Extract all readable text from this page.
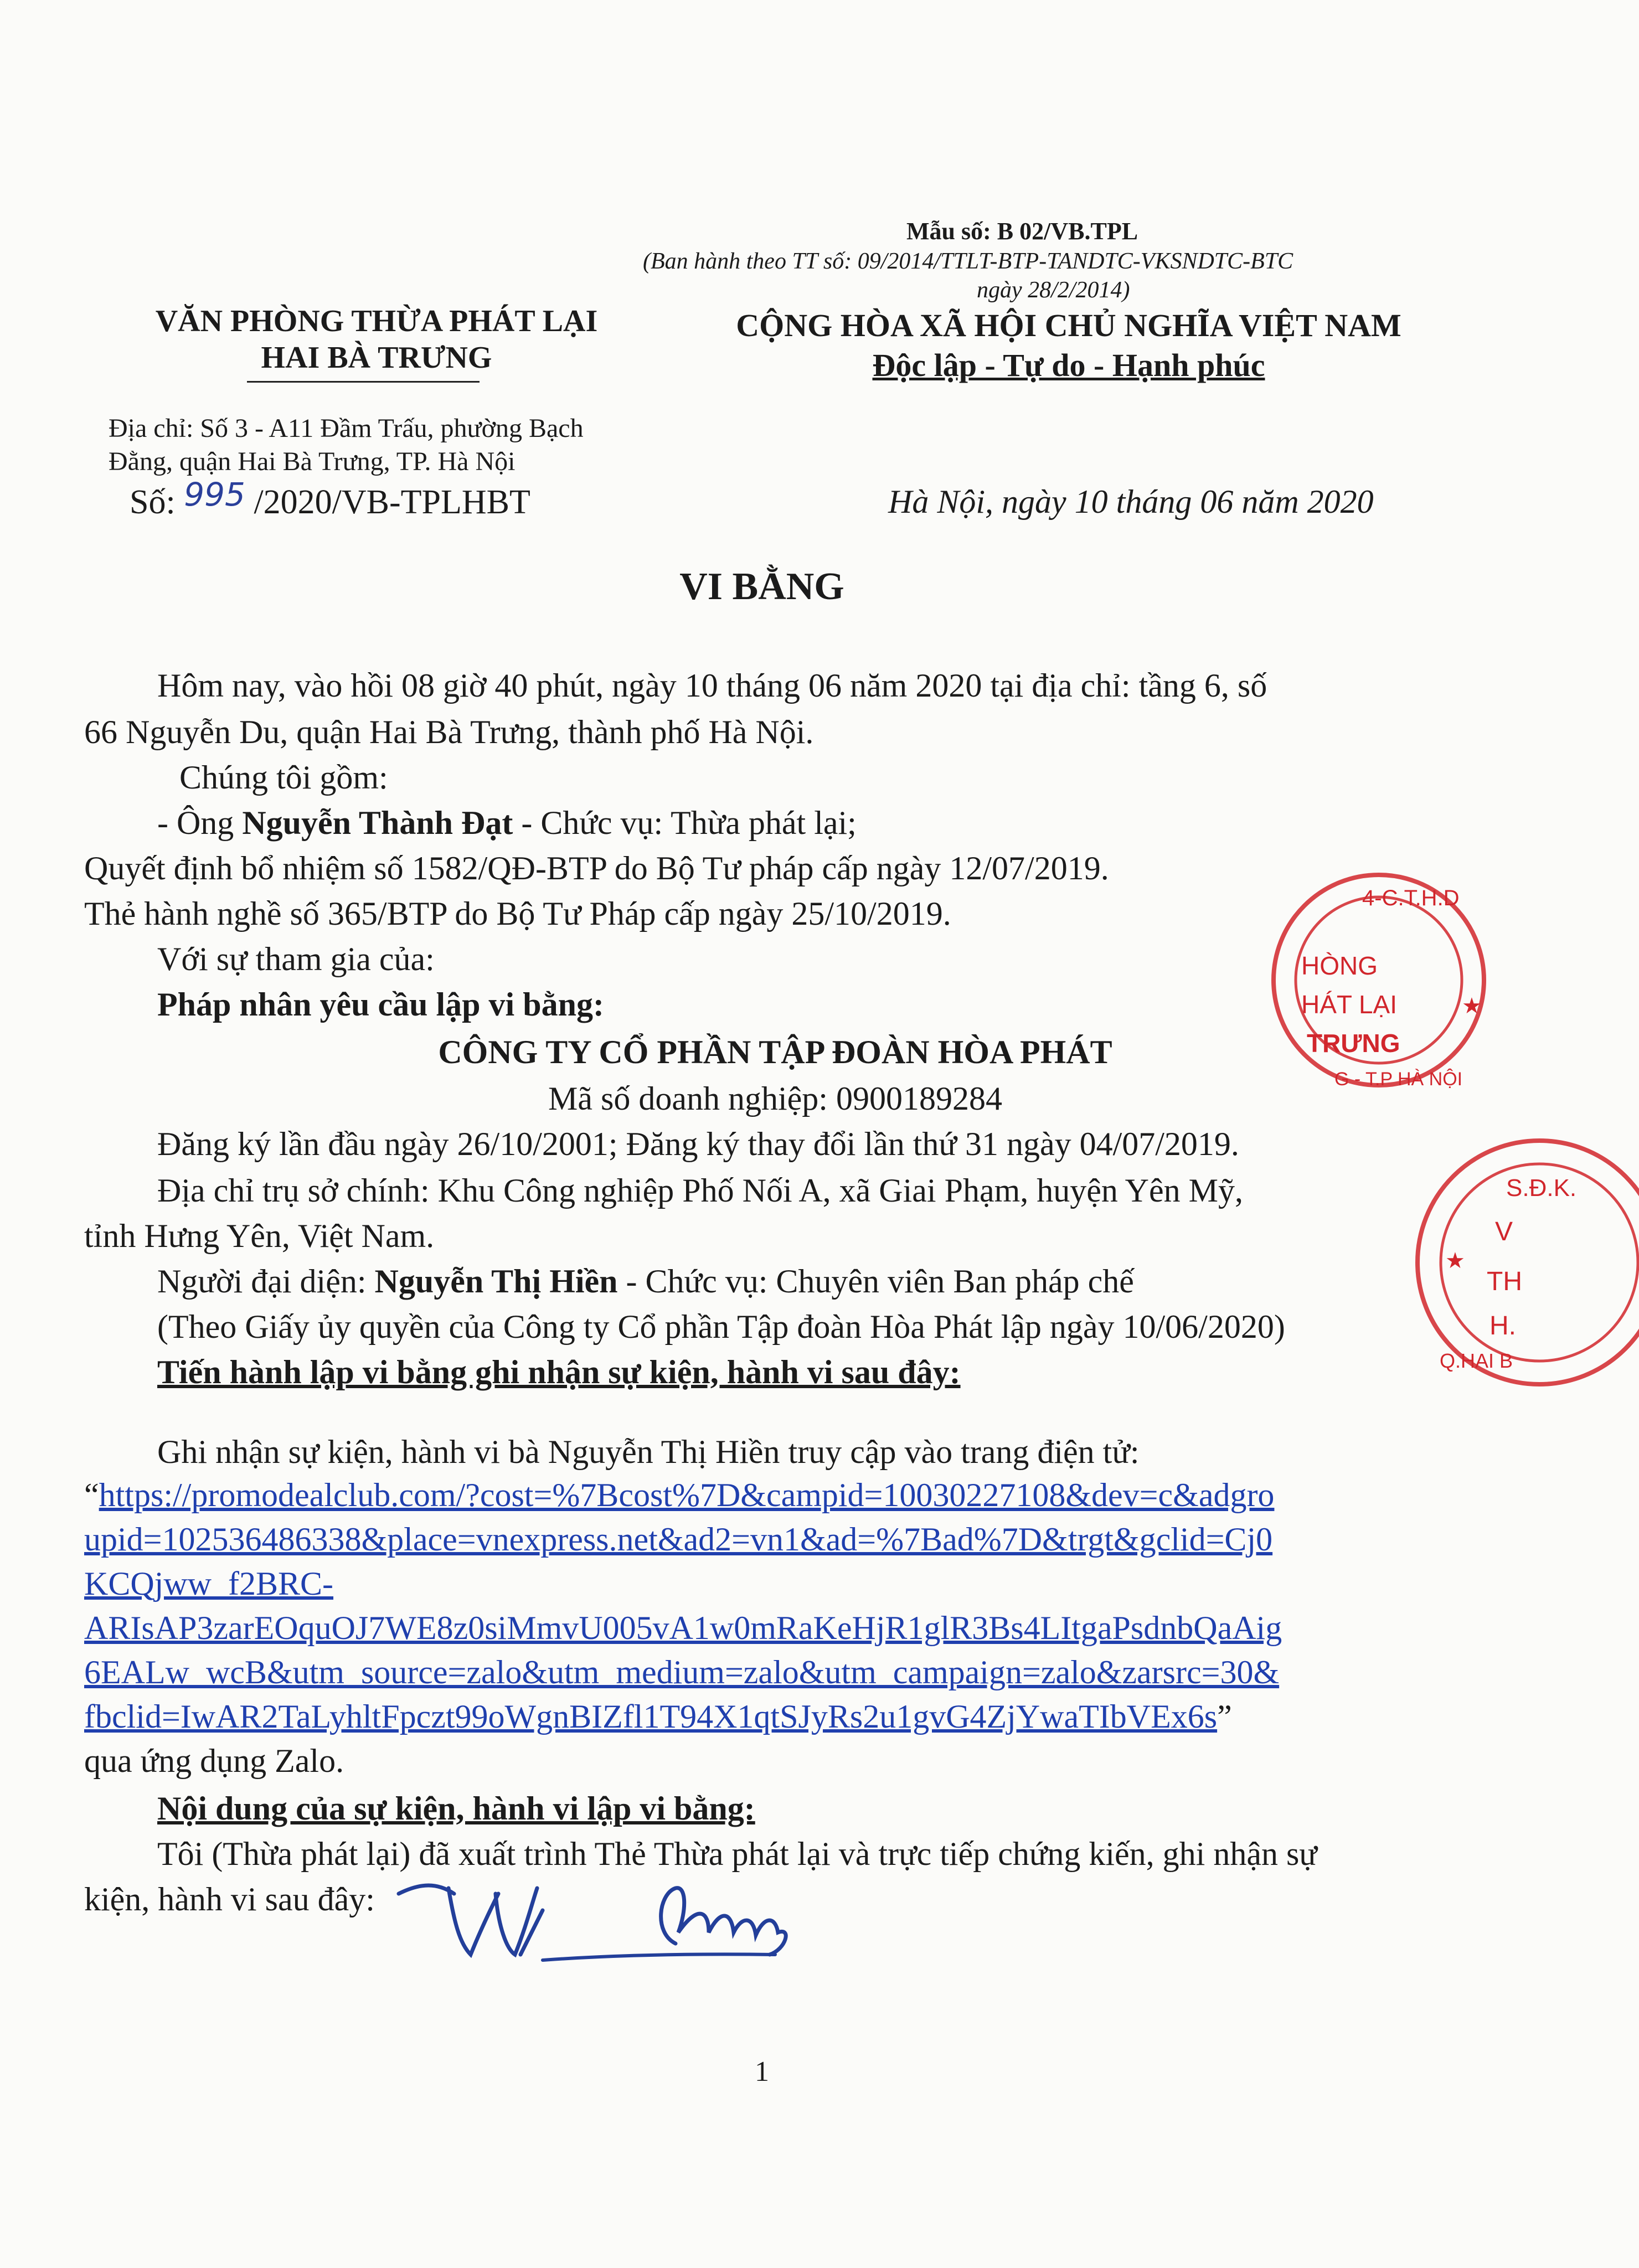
Mẫu số: B 02/VB.TPL
(Ban hành theo TT số: 09/2014/TTLT-BTP-TANDTC-VKSNDTC-BTC
ngày 28/2/2014)
VĂN PHÒNG THỪA PHÁT LẠI
HAI BÀ TRƯNG
Địa chỉ: Số 3 - A11 Đầm Trấu, phường Bạch
Đằng, quận Hai Bà Trưng, TP. Hà Nội
Số: 995 /2020/VB-TPLHBT
CỘNG HÒA XÃ HỘI CHỦ NGHĨA VIỆT NAM
Độc lập - Tự do - Hạnh phúc
Hà Nội, ngày 10 tháng 06 năm 2020
VI BẰNG
Hôm nay, vào hồi 08 giờ 40 phút, ngày 10 tháng 06 năm 2020 tại địa chỉ: tầng 6, số
66 Nguyễn Du, quận Hai Bà Trưng, thành phố Hà Nội.
Chúng tôi gồm:
- Ông Nguyễn Thành Đạt - Chức vụ: Thừa phát lại;
Quyết định bổ nhiệm số 1582/QĐ-BTP do Bộ Tư pháp cấp ngày 12/07/2019.
Thẻ hành nghề số 365/BTP do Bộ Tư Pháp cấp ngày 25/10/2019.
Với sự tham gia của:
Pháp nhân yêu cầu lập vi bằng:
CÔNG TY CỔ PHẦN TẬP ĐOÀN HÒA PHÁT
Mã số doanh nghiệp: 0900189284
Đăng ký lần đầu ngày 26/10/2001; Đăng ký thay đổi lần thứ 31 ngày 04/07/2019.
Địa chỉ trụ sở chính: Khu Công nghiệp Phố Nối A, xã Giai Phạm, huyện Yên Mỹ,
tỉnh Hưng Yên, Việt Nam.
Người đại diện: Nguyễn Thị Hiền - Chức vụ: Chuyên viên Ban pháp chế
(Theo Giấy ủy quyền của Công ty Cổ phần Tập đoàn Hòa Phát lập ngày 10/06/2020)
Tiến hành lập vi bằng ghi nhận sự kiện, hành vi sau đây:
Ghi nhận sự kiện, hành vi bà Nguyễn Thị Hiền truy cập vào trang điện tử:
“https://promodealclub.com/?cost=%7Bcost%7D&campid=10030227108&dev=c&adgro
upid=102536486338&place=vnexpress.net&ad2=vn1&ad=%7Bad%7D&trgt&gclid=Cj0
KCQjww_f2BRC-
ARIsAP3zarEOquOJ7WE8z0siMmvU005vA1w0mRaKeHjR1glR3Bs4LItgaPsdnbQaAig
6EALw_wcB&utm_source=zalo&utm_medium=zalo&utm_campaign=zalo&zarsrc=30&
fbclid=IwAR2TaLyhltFpczt99oWgnBIZfl1T94X1qtSJyRs2u1gvG4ZjYwaTIbVEx6s”
qua ứng dụng Zalo.
Nội dung của sự kiện, hành vi lập vi bằng:
Tôi (Thừa phát lại) đã xuất trình Thẻ Thừa phát lại và trực tiếp chứng kiến, ghi nhận sự
kiện, hành vi sau đây:
4-C.T.H.D
HÒNG
HÁT LẠI
TRƯNG
G - T.P HÀ NỘI
★
S.Đ.K.
V
TH
H.
Q.HAI B
★
1
